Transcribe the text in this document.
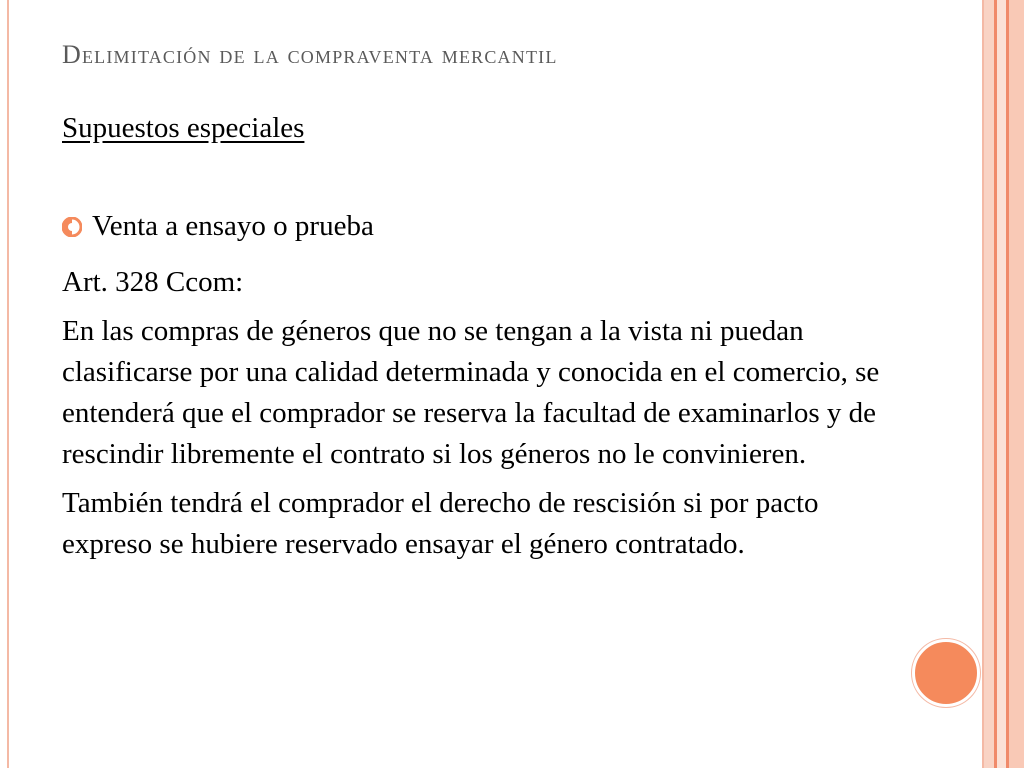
Delimitación de la compraventa mercantil
Supuestos especiales
Venta a ensayo o prueba

Art. 328 Ccom:

En las compras de géneros que no se tengan a la vista ni puedan clasificarse por una calidad determinada y conocida en el comercio, se entenderá que el comprador se reserva la facultad de examinarlos y de rescindir libremente el contrato si los géneros no le convinieren.

También tendrá el comprador el derecho de rescisión si por pacto expreso se hubiere reservado ensayar el género contratado.
